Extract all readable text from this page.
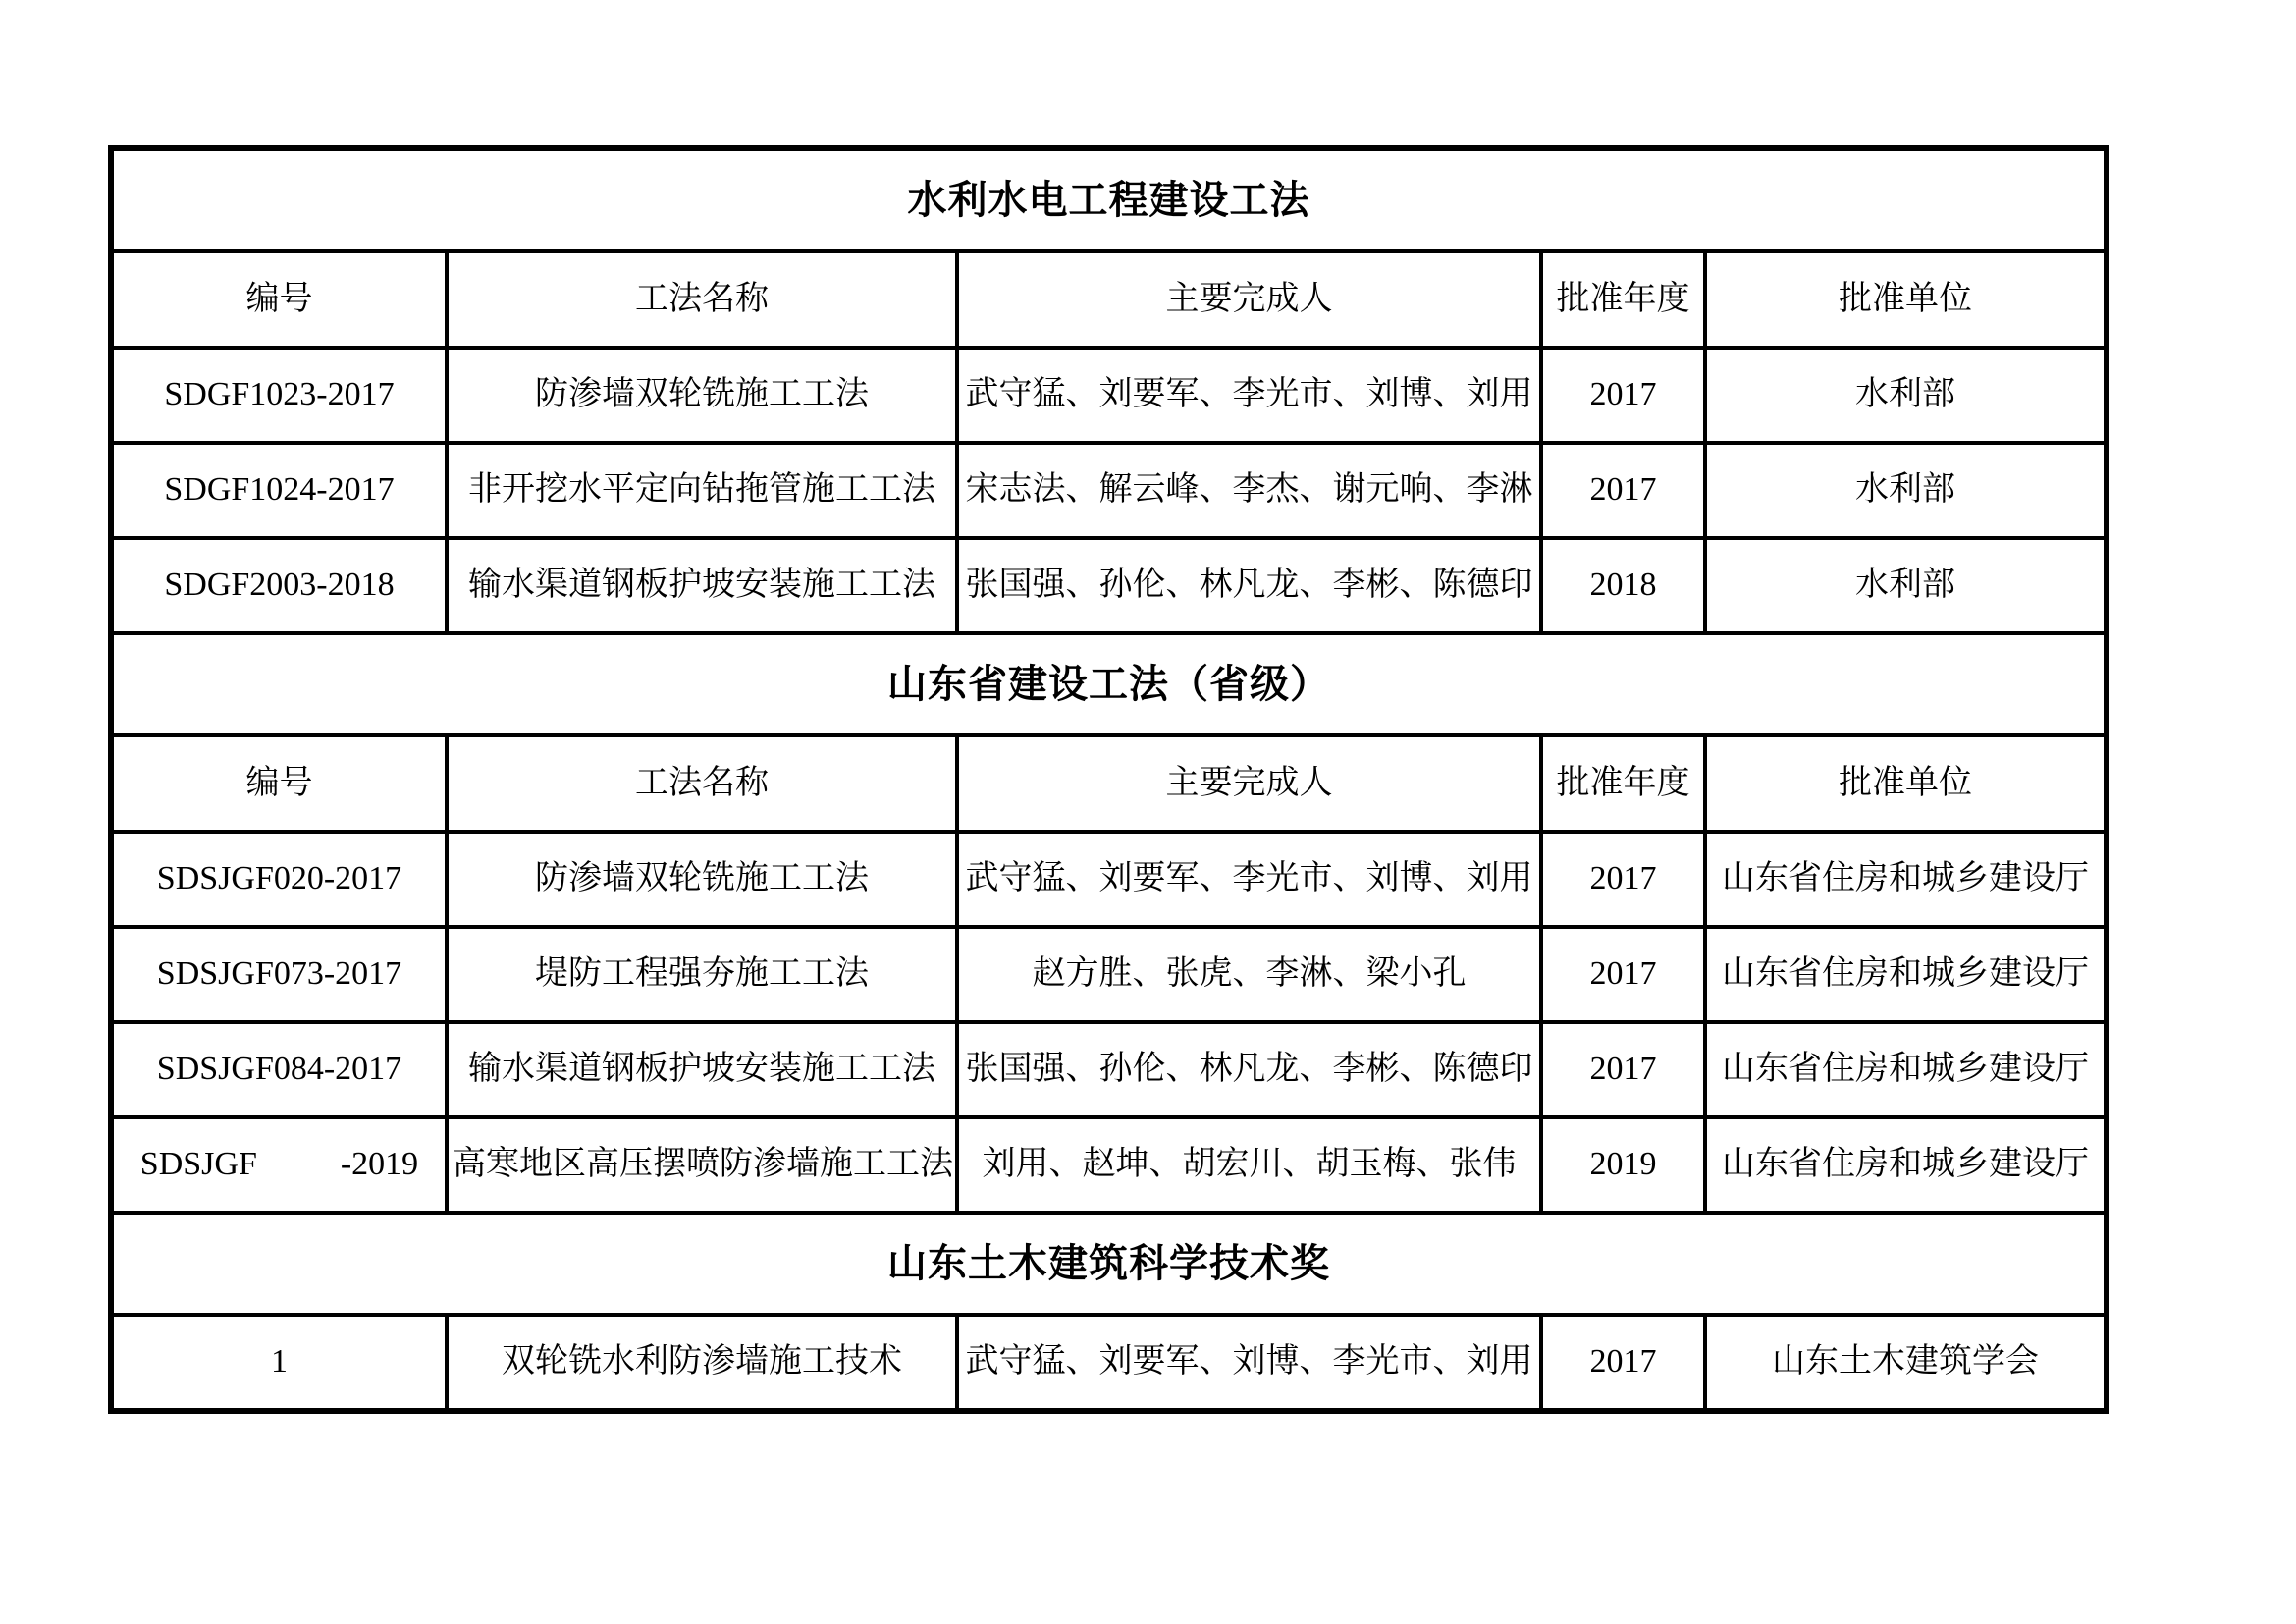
水利水电工程建设工法				
编号	工法名称	主要完成人	批准年度	批准单位
SDGF1023-2017	防渗墙双轮铣施工工法	武守猛、刘要军、李光市、刘博、刘用	2017	水利部
SDGF1024-2017	非开挖水平定向钻拖管施工工法	宋志法、解云峰、李杰、谢元响、李淋	2017	水利部
SDGF2003-2018	输水渠道钢板护坡安装施工工法	张国强、孙伦、林凡龙、李彬、陈德印	2018	水利部
山东省建设工法（省级）				
编号	工法名称	主要完成人	批准年度	批准单位
SDSJGF020-2017	防渗墙双轮铣施工工法	武守猛、刘要军、李光市、刘博、刘用	2017	山东省住房和城乡建设厅
SDSJGF073-2017	堤防工程强夯施工工法	赵方胜、张虎、李淋、梁小孔	2017	山东省住房和城乡建设厅
SDSJGF084-2017	输水渠道钢板护坡安装施工工法	张国强、孙伦、林凡龙、李彬、陈德印	2017	山东省住房和城乡建设厅
SDSJGF          -2019	高寒地区高压摆喷防渗墙施工工法	刘用、赵坤、胡宏川、胡玉梅、张伟	2019	山东省住房和城乡建设厅
山东土木建筑科学技术奖				
1	双轮铣水利防渗墙施工技术	武守猛、刘要军、刘博、李光市、刘用	2017	山东土木建筑学会
